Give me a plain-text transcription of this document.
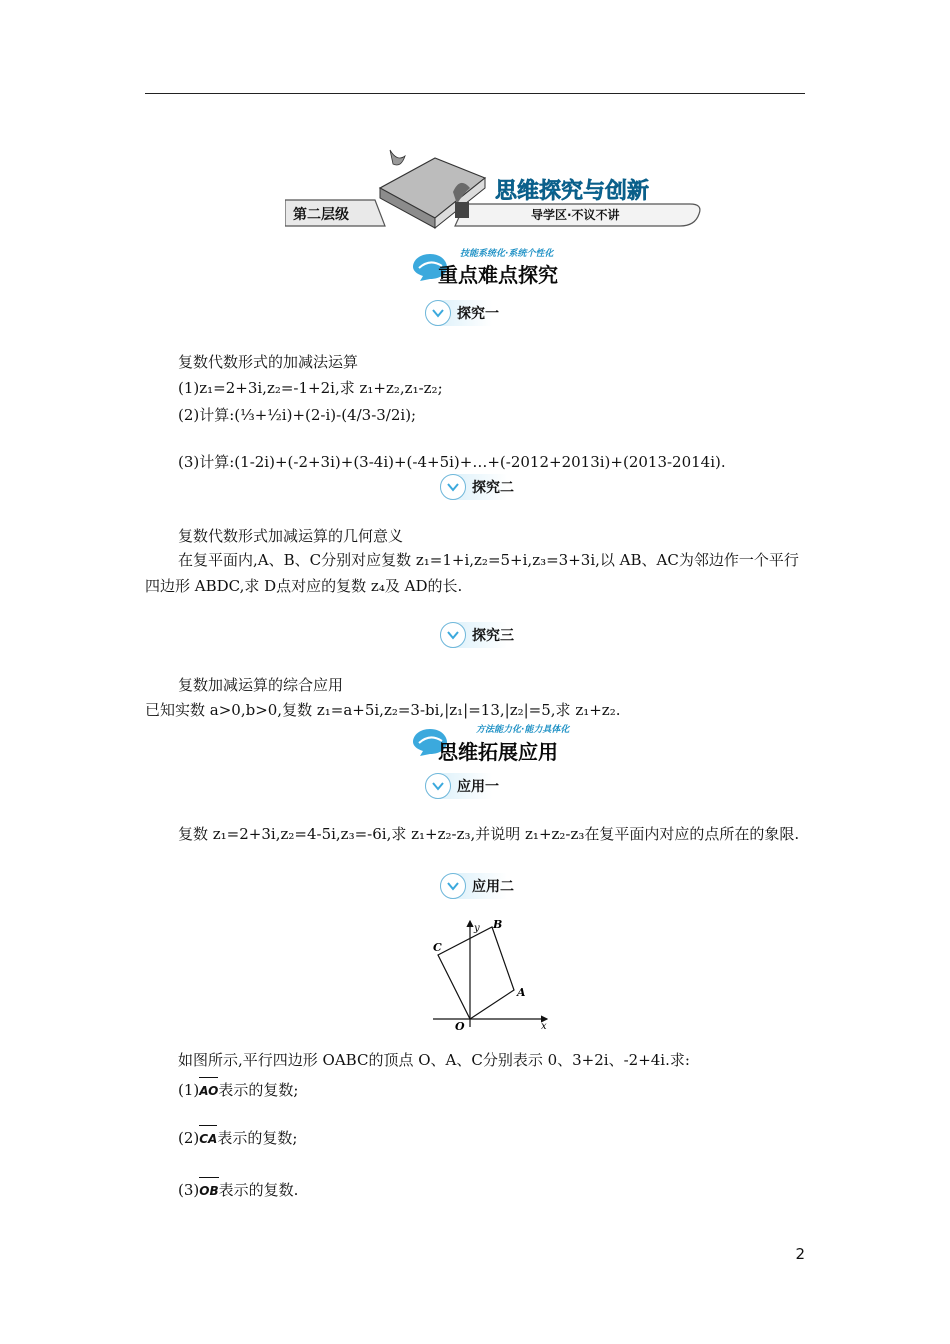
第二层级
思维探究与创新
导学区·不议不讲
技能系统化·系统个性化
重点难点探究
探究一
复数代数形式的加减法运算
(1)z₁=2+3i,z₂=-1+2i,求 z₁+z₂,z₁-z₂;
(2)计算:(⅓+½i)+(2-i)-(4/3-3/2i);
(3)计算:(1-2i)+(-2+3i)+(3-4i)+(-4+5i)+…+(-2012+2013i)+(2013-2014i).
探究二
复数代数形式加减运算的几何意义
在复平面内,A、B、C分别对应复数 z₁=1+i,z₂=5+i,z₃=3+3i,以 AB、AC为邻边作一个平行四边形 ABDC,求 D点对应的复数 z₄及 AD的长.
探究三
复数加减运算的综合应用
已知实数 a>0,b>0,复数 z₁=a+5i,z₂=3-bi,|z₁|=13,|z₂|=5,求 z₁+z₂.
方法能力化·能力具体化
思维拓展应用
应用一
复数 z₁=2+3i,z₂=4-5i,z₃=-6i,求 z₁+z₂-z₃,并说明 z₁+z₂-z₃在复平面内对应的点所在的象限.
应用二
O
A
B
C
x
y
如图所示,平行四边形 OABC的顶点 O、A、C分别表示 0、3+2i、-2+4i.求:
(1)
AO表示的复数;
(2)
CA表示的复数;
(3)
OB表示的复数.
2
